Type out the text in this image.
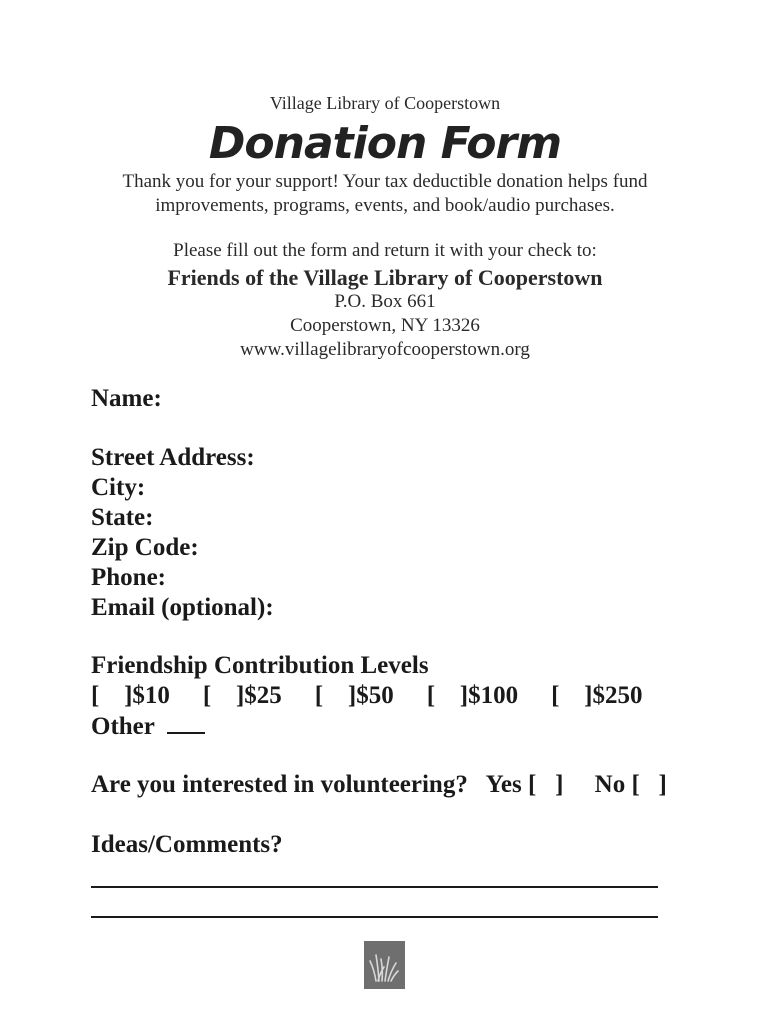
Village Library of Cooperstown
Donation Form
Thank you for your support! Your tax deductible donation helps fund
improvements, programs, events, and book/audio purchases.
Please fill out the form and return it with your check to:
Friends of the Village Library of Cooperstown
P.O. Box 661
Cooperstown, NY 13326
www.villagelibraryofcooperstown.org
Name:
Street Address:
City:
State:
Zip Code:
Phone:
Email (optional):
Friendship Contribution Levels
[   ]$10    [   ]$25    [   ]$50    [   ]$100    [   ]$250
Other
Are you interested in volunteering?   Yes [   ]     No [   ]
Ideas/Comments?
